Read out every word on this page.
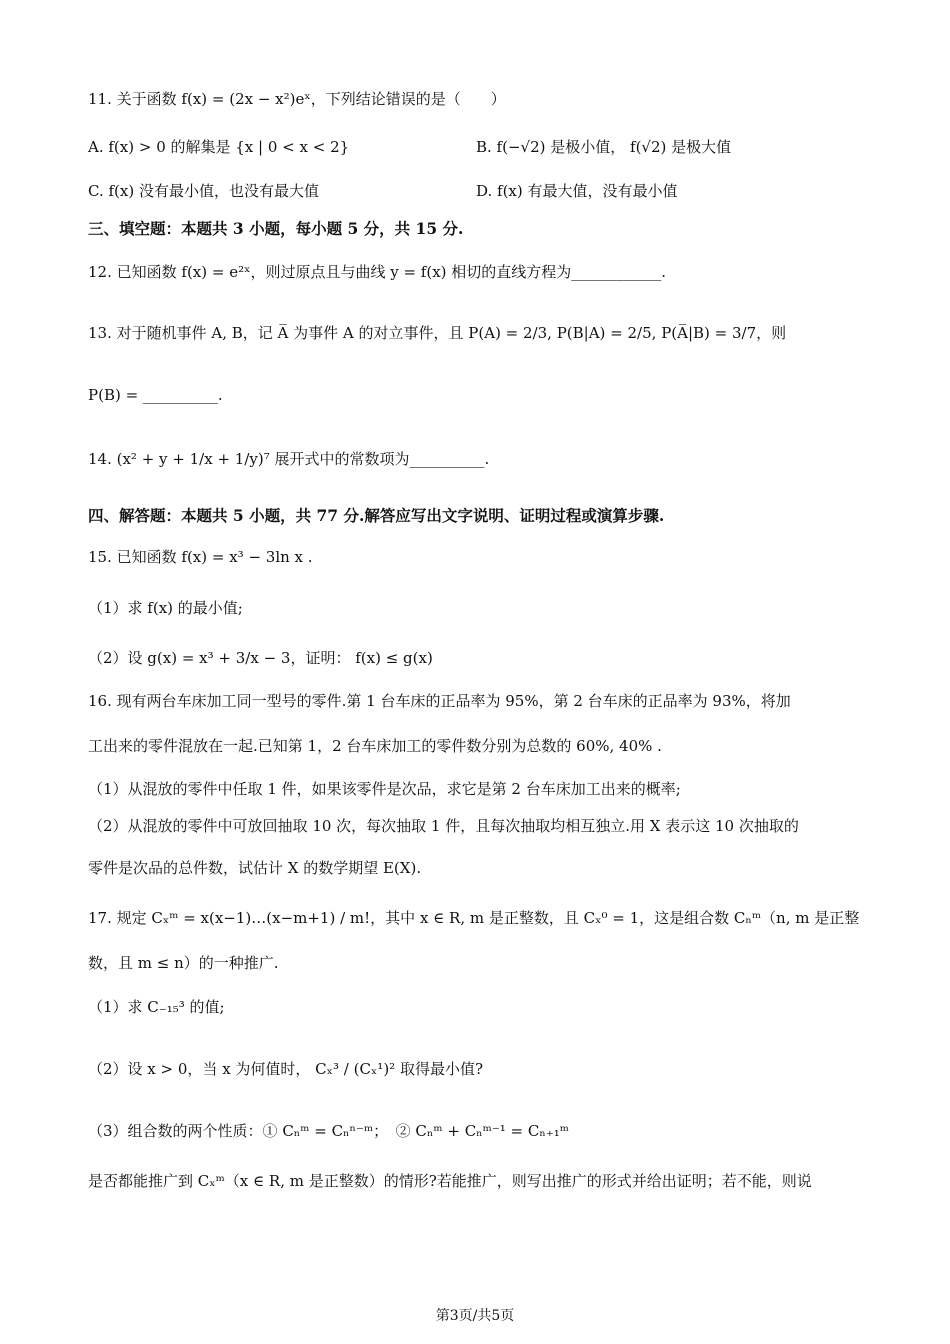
11. 关于函数 f(x) = (2x − x²)eˣ，下列结论错误的是（　　）
A. f(x) > 0 的解集是 {x | 0 < x < 2}	B. f(−√2) 是极小值， f(√2) 是极大值
C. f(x) 没有最小值，也没有最大值	D. f(x) 有最大值，没有最小值
三、填空题：本题共 3 小题，每小题 5 分，共 15 分.
12. 已知函数 f(x) = e²ˣ，则过原点且与曲线 y = f(x) 相切的直线方程为____________.
13. 对于随机事件 A, B，记 A̅ 为事件 A 的对立事件，且 P(A) = 2/3, P(B|A) = 2/5, P(A̅|B) = 3/7，则
P(B) = __________.
14. (x² + y + 1/x + 1/y)⁷ 展开式中的常数项为__________.
四、解答题：本题共 5 小题，共 77 分.解答应写出文字说明、证明过程或演算步骤.
15. 已知函数 f(x) = x³ − 3ln x .
（1）求 f(x) 的最小值;
（2）设 g(x) = x³ + 3/x − 3，证明： f(x) ≤ g(x)
16. 现有两台车床加工同一型号的零件.第 1 台车床的正品率为 95%，第 2 台车床的正品率为 93%，将加
工出来的零件混放在一起.已知第 1，2 台车床加工的零件数分别为总数的 60%, 40% .
（1）从混放的零件中任取 1 件，如果该零件是次品，求它是第 2 台车床加工出来的概率;
（2）从混放的零件中可放回抽取 10 次，每次抽取 1 件，且每次抽取均相互独立.用 X 表示这 10 次抽取的
零件是次品的总件数，试估计 X 的数学期望 E(X).
17. 规定 Cₓᵐ = x(x−1)…(x−m+1) / m!，其中 x ∈ R, m 是正整数，且 Cₓ⁰ = 1，这是组合数 Cₙᵐ（n, m 是正整
数，且 m ≤ n）的一种推广.
（1）求 C₋₁₅³ 的值;
（2）设 x > 0，当 x 为何值时， Cₓ³ / (Cₓ¹)² 取得最小值?
（3）组合数的两个性质：① Cₙᵐ = Cₙⁿ⁻ᵐ；　② Cₙᵐ + Cₙᵐ⁻¹ = Cₙ₊₁ᵐ
是否都能推广到 Cₓᵐ（x ∈ R, m 是正整数）的情形?若能推广，则写出推广的形式并给出证明；若不能，则说
第3页/共5页
